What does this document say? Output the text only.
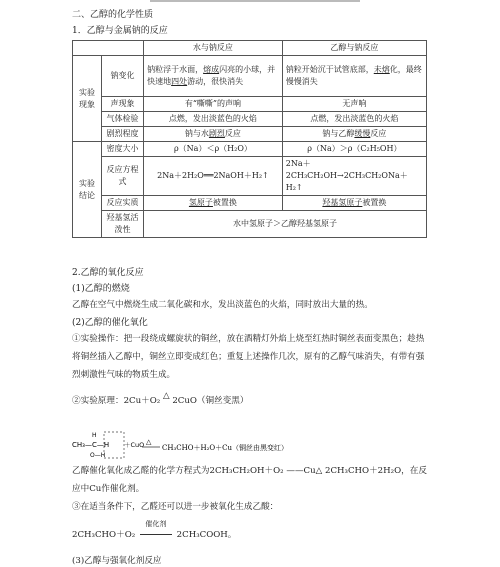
二、乙醇的化学性质
1．乙醇与金属钠的反应
		水与钠反应	乙醇与钠反应
实验现象	钠变化	钠粒浮于水面，熔成闪亮的小球，并快速地四处游动，很快消失	钠粒开始沉于试管底部，未熔化，最终慢慢消失
	声现象	有“嘶嘶”的声响	无声响
	气体检验	点燃，发出淡蓝色的火焰	点燃，发出淡蓝色的火焰
	剧烈程度	钠与水剧烈反应	钠与乙醇缓慢反应
实验结论	密度大小	ρ（Na）＜ρ（H₂O）	ρ（Na）＞ρ（C₂H₅OH）
	反应方程式	2Na＋2H₂O══2NaOH＋H₂↑	2Na＋2CH₃CH₂OH→2CH₃CH₂ONa＋H₂↑
	反应实质	氢原子被置换	羟基氢原子被置换
	羟基氢活泼性	水中氢原子＞乙醇羟基氢原子	
2.乙醇的氧化反应
(1)乙醇的燃烧
乙醇在空气中燃烧生成二氧化碳和水，发出淡蓝色的火焰，同时放出大量的热。
(2)乙醇的催化氧化
①实验操作：把一段绕成螺旋状的铜丝，放在酒精灯外焰上烧至红热时铜丝表面变黑色；趁热将铜丝插入乙醇中，铜丝立即变成红色；重复上述操作几次，原有的乙醇气味消失，有带有强烈刺激性气味的物质生成。
②实验原理：2Cu＋O₂ △ 2CuO（铜丝变黑）
CH₃—C—H
H
O—H
＋CuO △
CH₃CHO＋H₂O＋Cu（铜丝由黑变红）
乙醇催化氧化成乙醛的化学方程式为2CH₃CH₂OH＋O₂ ——Cu△ 2CH₃CHO＋2H₂O，在反应中Cu作催化剂。
③在适当条件下，乙醛还可以进一步被氧化生成乙酸：
2CH₃CHO＋O₂
催化剂
2CH₃COOH。
(3)乙醇与强氧化剂反应
